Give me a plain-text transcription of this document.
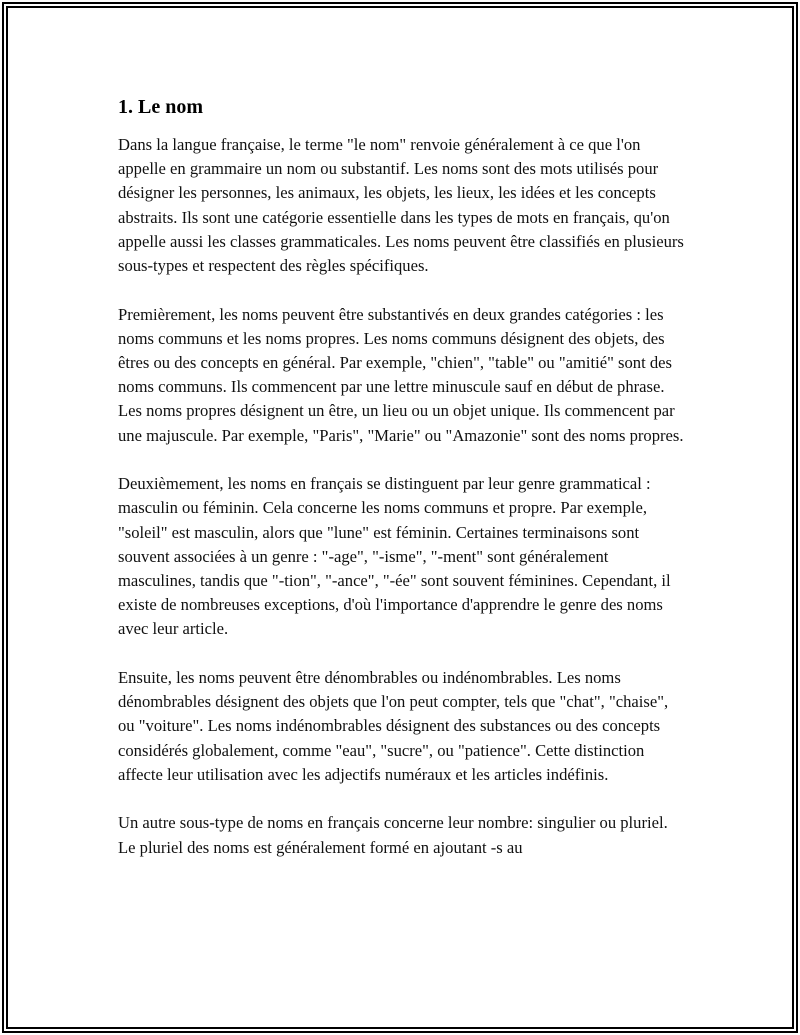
1. Le nom

Dans la langue française, le terme "le nom" renvoie généralement à ce que l'on appelle en grammaire un nom ou substantif. Les noms sont des mots utilisés pour désigner les personnes, les animaux, les objets, les lieux, les idées et les concepts abstraits. Ils sont une catégorie essentielle dans les types de mots en français, qu'on appelle aussi les classes grammaticales. Les noms peuvent être classifiés en plusieurs sous-types et respectent des règles spécifiques.

Premièrement, les noms peuvent être substantivés en deux grandes catégories : les noms communs et les noms propres. Les noms communs désignent des objets, des êtres ou des concepts en général. Par exemple, "chien", "table" ou "amitié" sont des noms communs. Ils commencent par une lettre minuscule sauf en début de phrase. Les noms propres désignent un être, un lieu ou un objet unique. Ils commencent par une majuscule. Par exemple, "Paris", "Marie" ou "Amazonie" sont des noms propres.

Deuxièmement, les noms en français se distinguent par leur genre grammatical : masculin ou féminin. Cela concerne les noms communs et propre. Par exemple, "soleil" est masculin, alors que "lune" est féminin. Certaines terminaisons sont souvent associées à un genre : "-age", "-isme", "-ment" sont généralement masculines, tandis que "-tion", "-ance", "-ée" sont souvent féminines. Cependant, il existe de nombreuses exceptions, d'où l'importance d'apprendre le genre des noms avec leur article.

Ensuite, les noms peuvent être dénombrables ou indénombrables. Les noms dénombrables désignent des objets que l'on peut compter, tels que "chat", "chaise", ou "voiture". Les noms indénombrables désignent des substances ou des concepts considérés globalement, comme "eau", "sucre", ou "patience". Cette distinction affecte leur utilisation avec les adjectifs numéraux et les articles indéfinis.

Un autre sous-type de noms en français concerne leur nombre: singulier ou pluriel. Le pluriel des noms est généralement formé en ajoutant -s au
